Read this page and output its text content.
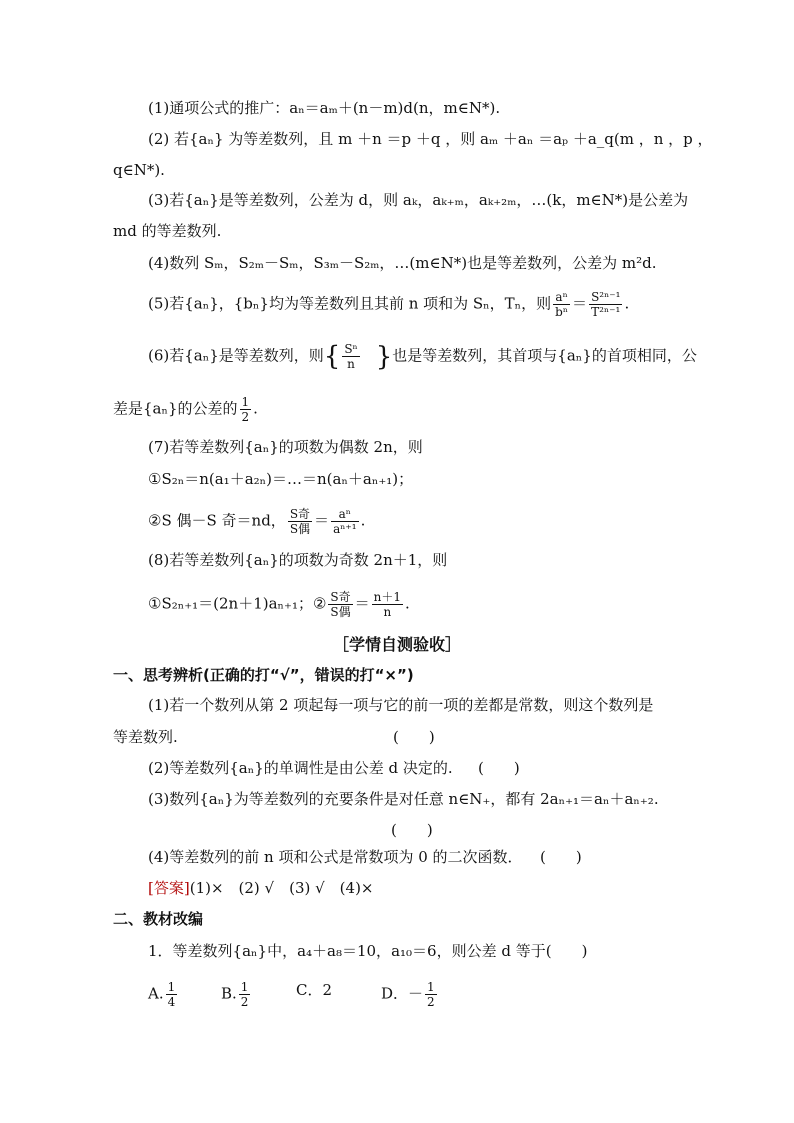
(1)通项公式的推广：aₙ＝aₘ＋(n－m)d(n，m∈N*).
(2) 若{aₙ} 为等差数列，且 m ＋n ＝p ＋q ，则 aₘ ＋aₙ ＝aₚ ＋a_q(m ，n ，p ，
q∈N*).
(3)若{aₙ}是等差数列，公差为 d，则 aₖ，aₖ₊ₘ，aₖ₊₂ₘ，…(k，m∈N*)是公差为
md 的等差数列.
(4)数列 Sₘ，S₂ₘ－Sₘ，S₃ₘ－S₂ₘ，…(m∈N*)也是等差数列，公差为 m²d.
(5)若{aₙ}，{bₙ}均为等差数列且其前 n 项和为 Sₙ，Tₙ，则 $\frac{\text{aⁿ}}{\text{bⁿ}} = \frac{\text{S²ⁿ⁻¹}}{\text{T²ⁿ⁻¹}}$ .
(6)若{aₙ}是等差数列，则{ $\frac{\text{Sⁿ}}{n}$ }也是等差数列，其首项与{aₙ}的首项相同，公
差是{aₙ}的公差的 $\frac{1}{2}$ .
(7)若等差数列{aₙ}的项数为偶数 2n，则
①S₂ₙ＝n(a₁＋a₂ₙ)＝…＝n(aₙ＋aₙ₊₁)；
②S 偶－S 奇＝nd， $\frac{\text{S奇}}{\text{S偶}} = \frac{\text{aⁿ}}{\text{aⁿ⁺¹}}$ .
(8)若等差数列{aₙ}的项数为奇数 2n＋1，则
①S₂ₙ₊₁＝(2n＋1)aₙ₊₁；② $\frac{\text{S奇}}{\text{S偶}} = \frac{n+1}{n}$ .
［学情自测验收］
一、思考辨析(正确的打“√”，错误的打“×”)
(1)若一个数列从第 2 项起每一项与它的前一项的差都是常数，则这个数列是
等差数列.	(　　)
(2)等差数列{aₙ}的单调性是由公差 d 决定的. (　　)
(3)数列{aₙ}为等差数列的充要条件是对任意 n∈N₊，都有 2aₙ₊₁＝aₙ＋aₙ₊₂.
(　　)
(4)等差数列的前 n 项和公式是常数项为 0 的二次函数． (　　)
[答案](1)×　(2) √　(3) √　(4)×
二、教材改编
1．等差数列{aₙ}中，a₄＋a₈＝10，a₁₀＝6，则公差 d 等于(　　)
A. $\frac{1}{4}$	B. $\frac{1}{2}$	C．2	D．－ $\frac{1}{2}$
